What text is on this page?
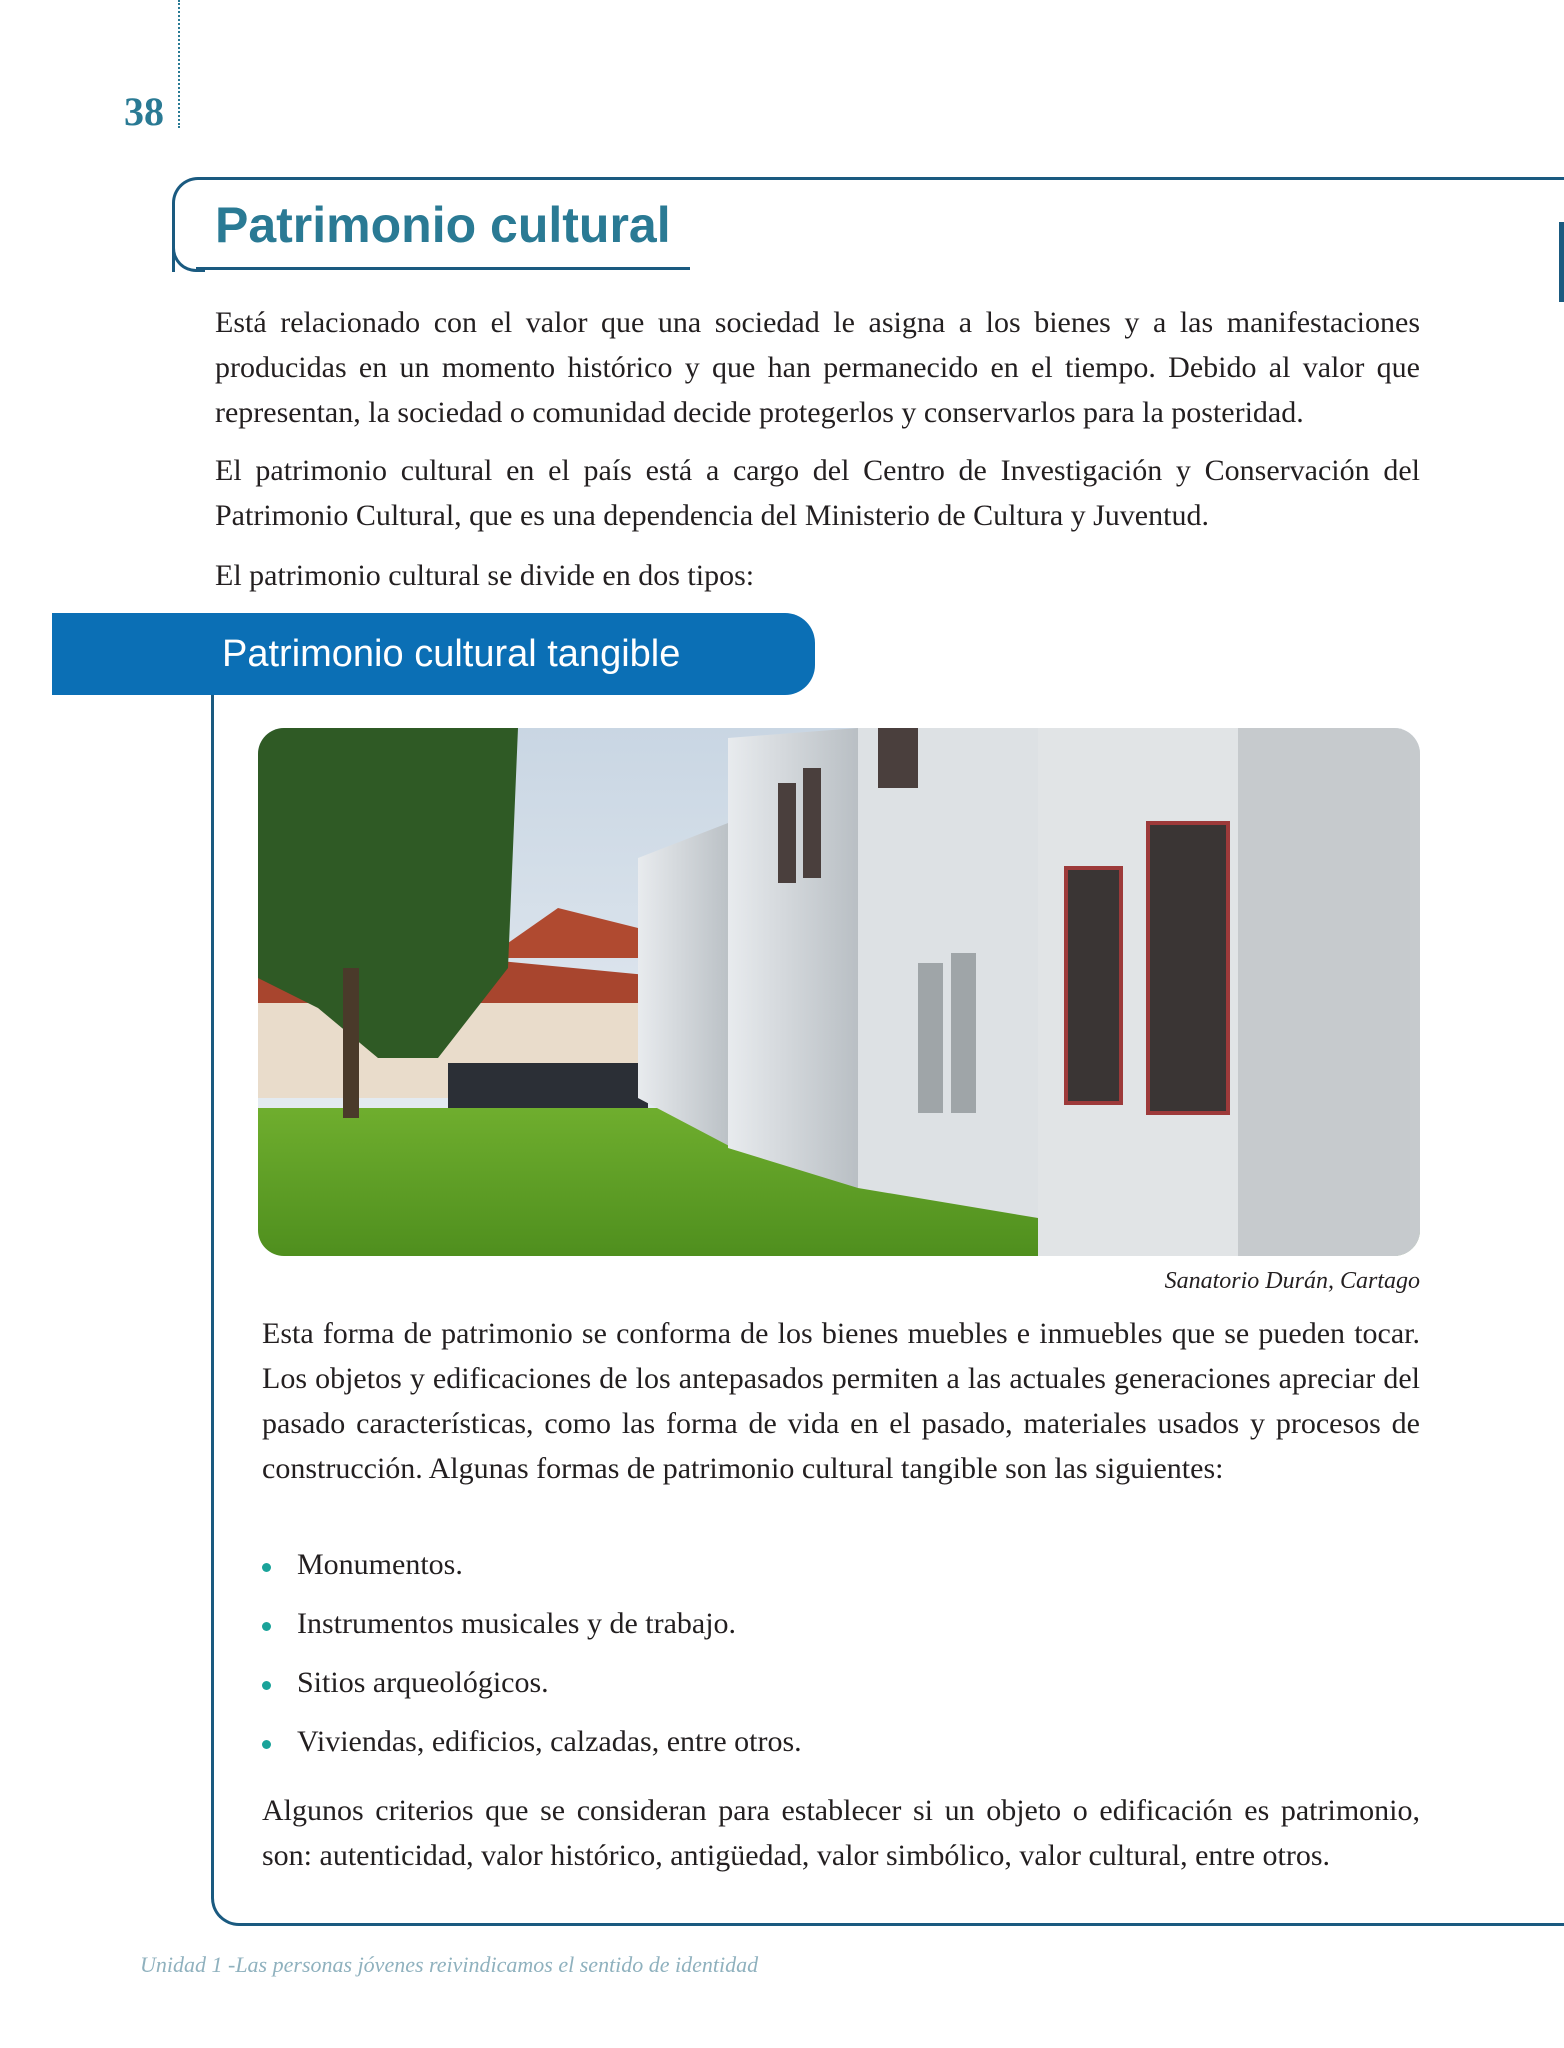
38
Patrimonio cultural

Está relacionado con el valor que una sociedad le asigna a los bienes y a las manifestaciones producidas en un momento histórico y que han permanecido en el tiempo. Debido al valor que representan, la sociedad o comunidad decide protegerlos y conservarlos para la posteridad.

El patrimonio cultural en el país está a cargo del Centro de Investigación y Conservación del Patrimonio Cultural, que es una dependencia del Ministerio de Cultura y Juventud.

El patrimonio cultural se divide en dos tipos:

Patrimonio cultural tangible
Sanatorio Durán, Cartago

Esta forma de patrimonio se conforma de los bienes muebles e inmuebles que se pueden tocar. Los objetos y edificaciones de los antepasados permiten a las actuales generaciones apreciar del pasado características, como las forma de vida en el pasado, materiales usados y procesos de construcción. Algunas formas de patrimonio cultural tangible son las siguientes:

Monumentos.
Instrumentos musicales y de trabajo.
Sitios arqueológicos.
Viviendas, edificios, calzadas, entre otros.

Algunos criterios que se consideran para establecer si un objeto o edificación es patrimonio, son: autenticidad, valor histórico, antigüedad, valor simbólico, valor cultural, entre otros.

Unidad 1 -Las personas jóvenes reivindicamos el sentido de identidad
